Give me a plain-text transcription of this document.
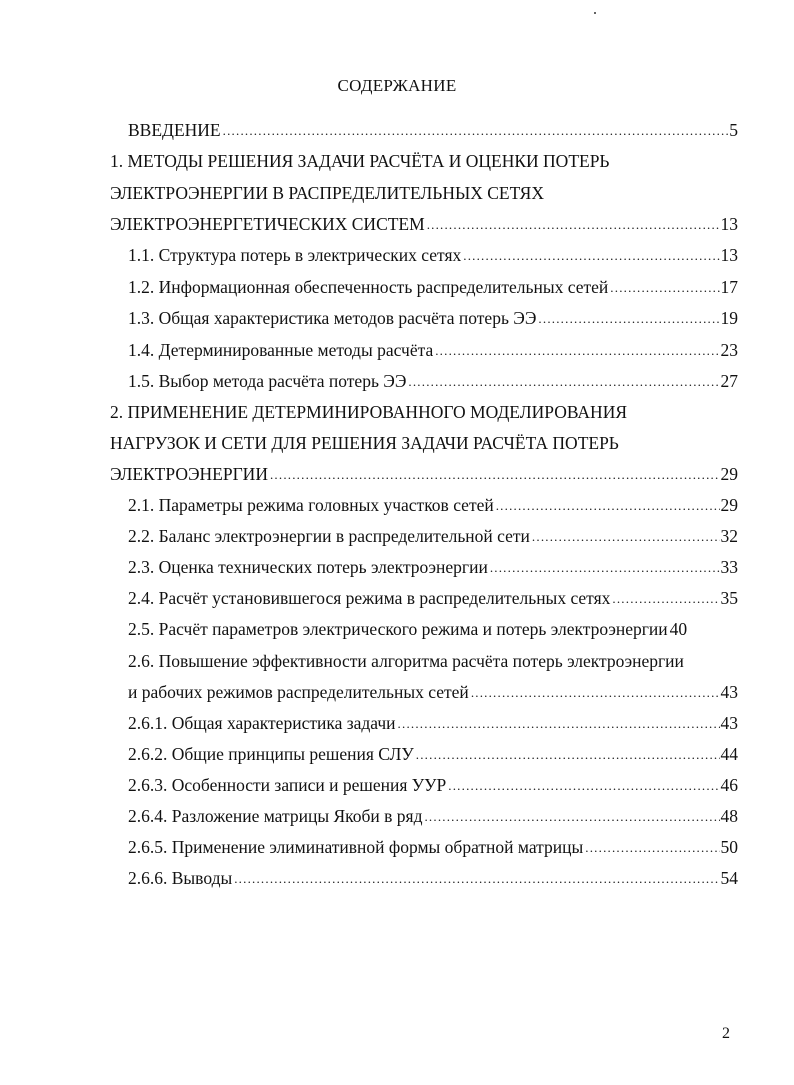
СОДЕРЖАНИЕ
ВВЕДЕНИЕ .....	5
1. МЕТОДЫ РЕШЕНИЯ ЗАДАЧИ РАСЧЁТА И ОЦЕНКИ ПОТЕРЬ
ЭЛЕКТРОЭНЕРГИИ В РАСПРЕДЕЛИТЕЛЬНЫХ СЕТЯХ
ЭЛЕКТРОЭНЕРГЕТИЧЕСКИХ СИСТЕМ .....	13
1.1. Структура потерь в электрических сетях .....	13
1.2. Информационная обеспеченность распределительных сетей .....	17
1.3. Общая характеристика методов расчёта потерь ЭЭ .....	19
1.4. Детерминированные методы расчёта .....	23
1.5. Выбор метода расчёта потерь ЭЭ .....	27
2. ПРИМЕНЕНИЕ ДЕТЕРМИНИРОВАННОГО МОДЕЛИРОВАНИЯ
НАГРУЗОК И СЕТИ ДЛЯ РЕШЕНИЯ ЗАДАЧИ РАСЧЁТА ПОТЕРЬ
ЭЛЕКТРОЭНЕРГИИ .....	29
2.1. Параметры режима головных участков сетей .....	29
2.2. Баланс электроэнергии в распределительной сети .....	32
2.3. Оценка технических потерь электроэнергии .....	33
2.4. Расчёт установившегося режима в распределительных сетях .....	35
2.5. Расчёт параметров электрического режима и потерь электроэнергии 40
2.6. Повышение эффективности алгоритма расчёта потерь электроэнергии
и рабочих режимов распределительных сетей .....	43
2.6.1. Общая характеристика задачи .....	43
2.6.2. Общие принципы решения СЛУ .....	44
2.6.3. Особенности записи и решения УУР .....	46
2.6.4. Разложение матрицы Якоби в ряд .....	48
2.6.5. Применение элиминативной формы обратной матрицы .....	50
2.6.6. Выводы .....	54
2
